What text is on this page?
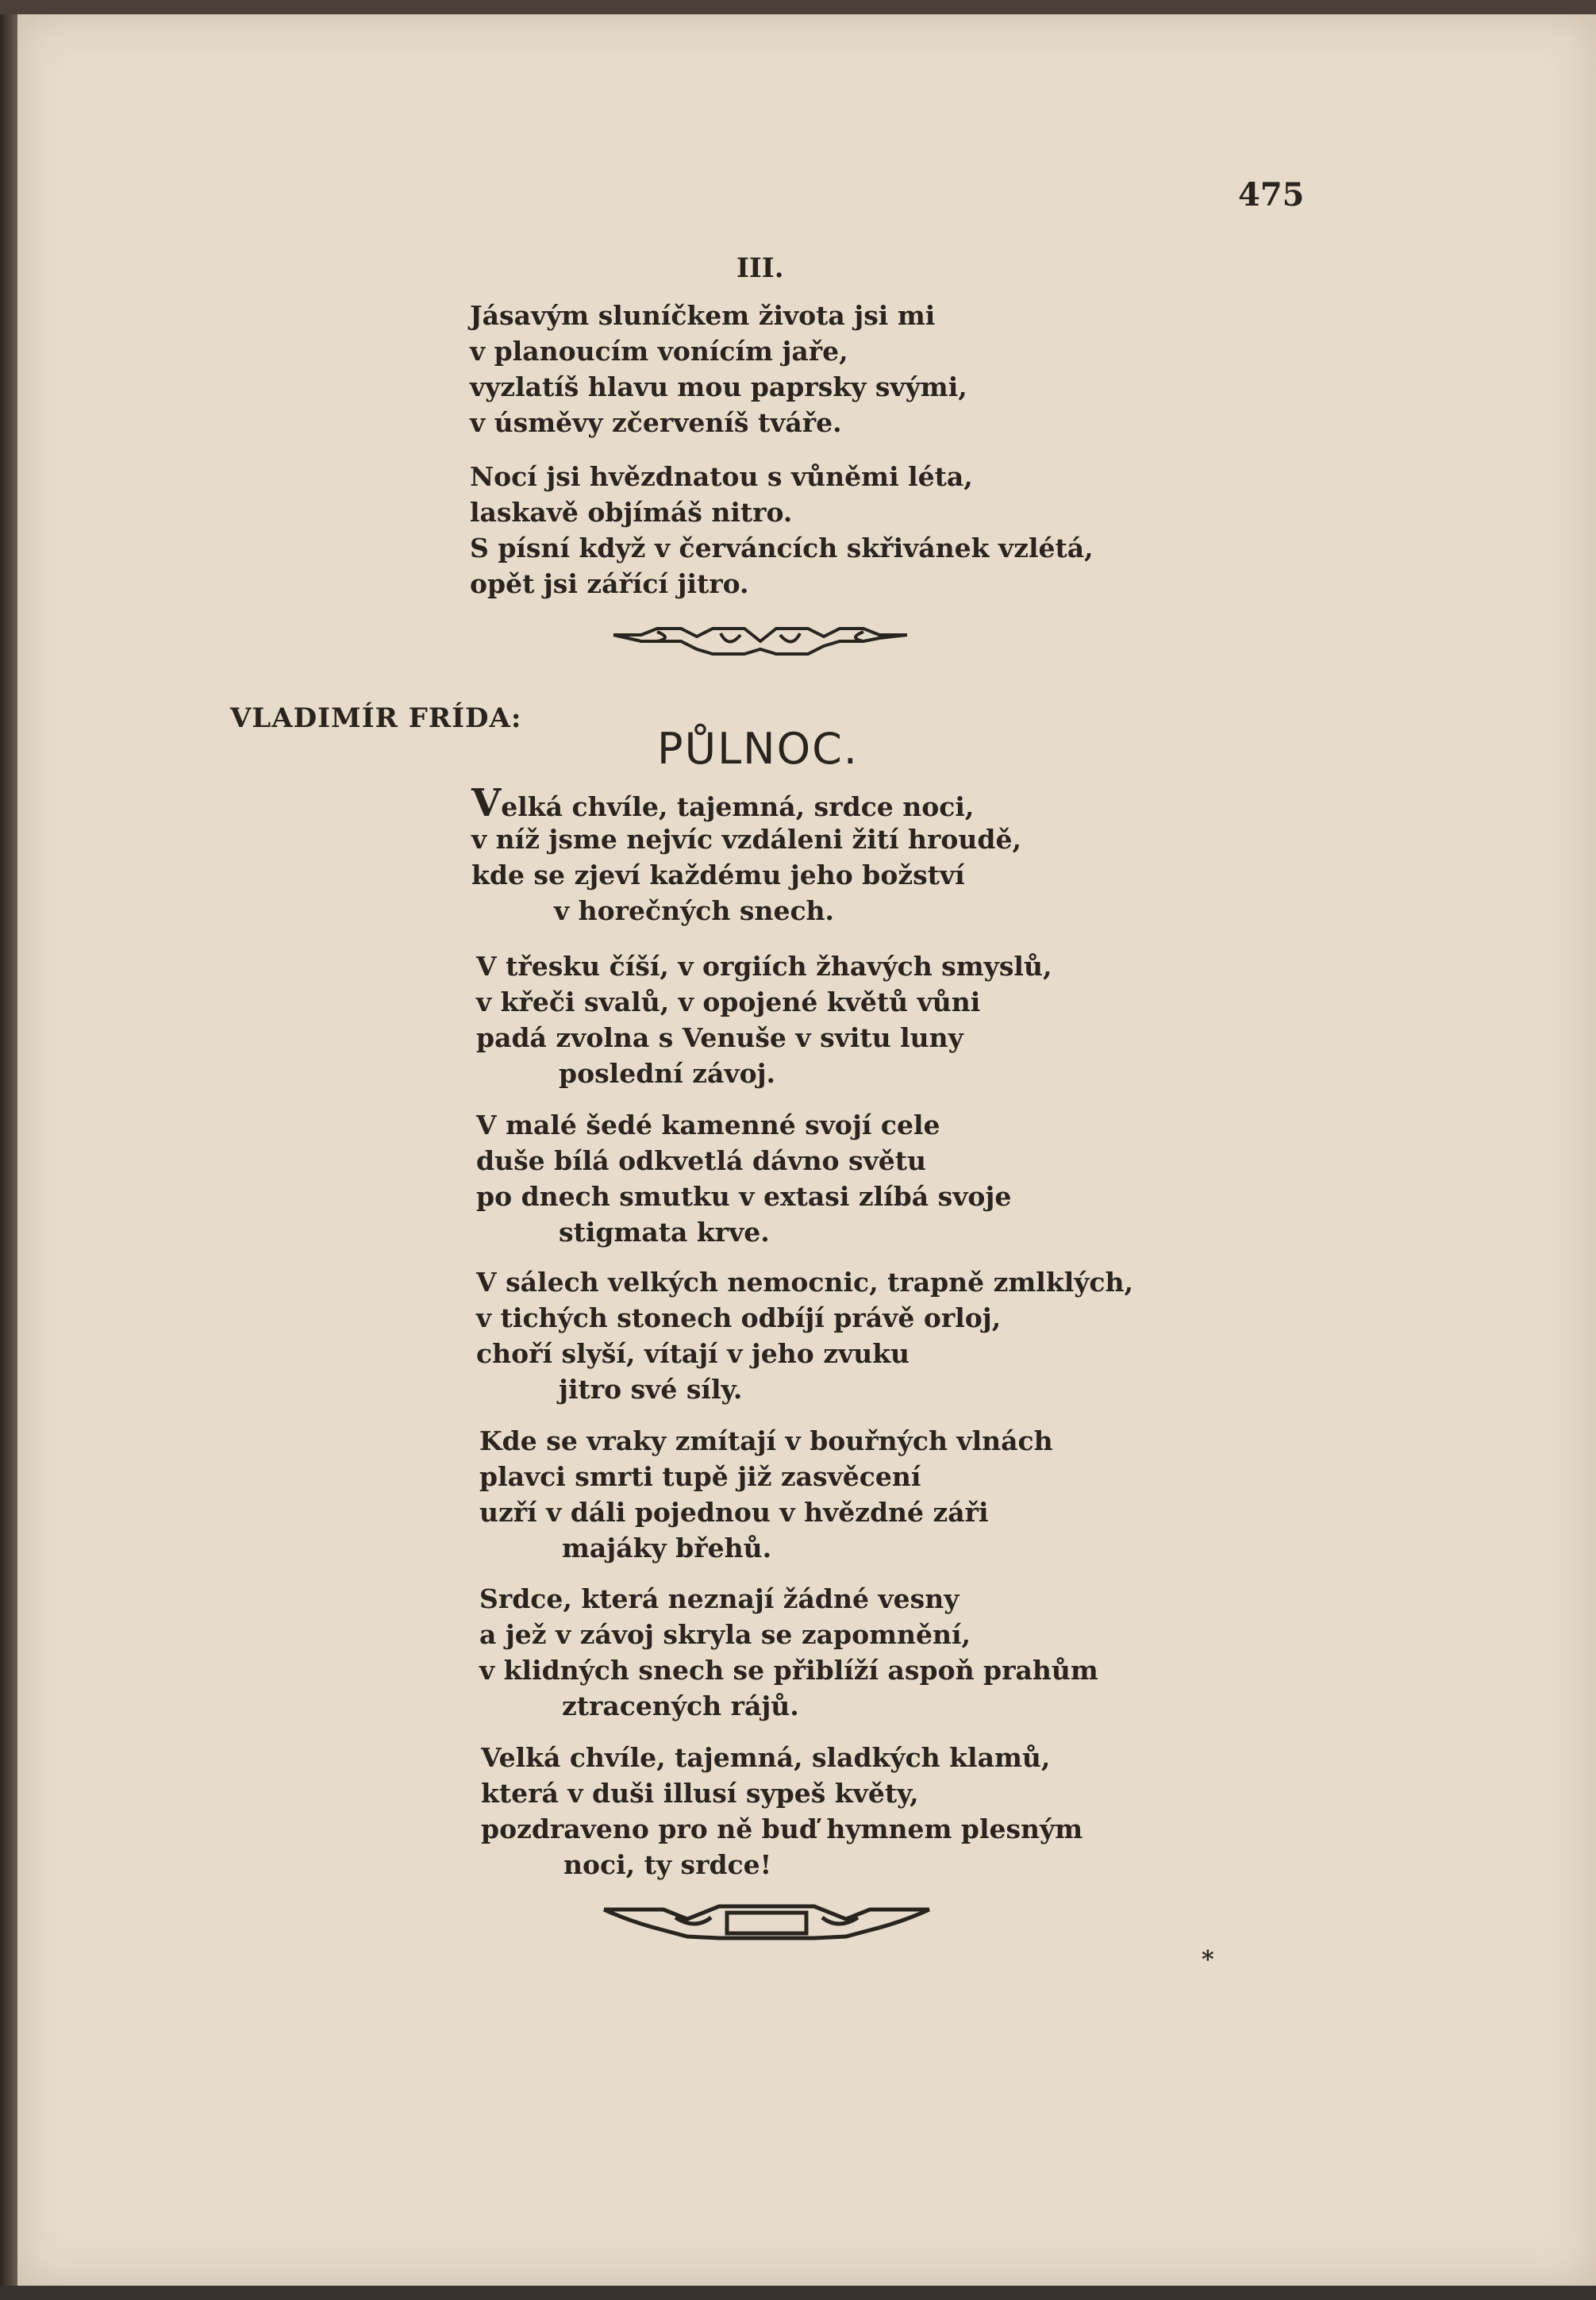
475
III.
Jásavým sluníčkem života jsi mi
v planoucím vonícím jaře,
vyzlatíš hlavu mou paprsky svými,
v úsměvy zčerveníš tváře.
Nocí jsi hvězdnatou s vůněmi léta,
laskavě objímáš nitro.
S písní když v červáncích skřivánek vzlétá,
opět jsi zářící jitro.
VLADIMÍR FRÍDA:
PŮLNOC.
Velká chvíle, tajemná, srdce noci,
v níž jsme nejvíc vzdáleni žití hroudě,
kde se zjeví každému jeho božství
v horečných snech.
V třesku číší, v orgiích žhavých smyslů,
v křeči svalů, v opojené květů vůni
padá zvolna s Venuše v svitu luny
poslední závoj.
V malé šedé kamenné svojí cele
duše bílá odkvetlá dávno světu
po dnech smutku v extasi zlíbá svoje
stigmata krve.
V sálech velkých nemocnic, trapně zmlklých,
v tichých stonech odbíjí právě orloj,
choří slyší, vítají v jeho zvuku
jitro své síly.
Kde se vraky zmítají v bouřných vlnách
plavci smrti tupě již zasvěcení
uzří v dáli pojednou v hvězdné záři
majáky břehů.
Srdce, která neznají žádné vesny
a jež v závoj skryla se zapomnění,
v klidných snech se přiblíží aspoň prahům
ztracených rájů.
Velká chvíle, tajemná, sladkých klamů,
která v duši illusí sypeš květy,
pozdraveno pro ně buď hymnem plesným
noci, ty srdce!
*
